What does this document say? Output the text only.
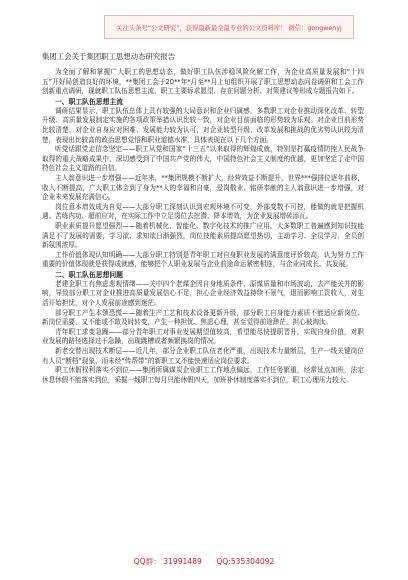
关注头条号“公文研究”，获得最新最全最专业的公文资料库！ 微信：gongwenyj
集团工会关于集团职工思想动态研究报告

为全面了解和掌握广大职工的思想动态，做好职工队伍涉稳风险化解工作，为企业高质量发展和“十四五”开好局创造良好的环境，**集团工会于20**年*月至**月上旬组织开展了职工思想动态问卷调研和工会工作创新重点调研，现就职工队伍思想主流、职工主要诉求愿望、存在问题分析、对策建议等形成专题报告如下。

一、职工队伍思想主流

调研结果显示，职工队伍总体上具有较强的大局意识和企业归属感，多数职工对企业推动深化改革、转型升级、高质量发展制定实施的各项政策举措认识比较一致，对企业目前面临的形势较为乐观。对企业目前形势比较清楚，对企业自身应对困难、发展能力较为认可，对企业转型升级、改革发展和挑战的优劣势认识较为清楚，表现出比较高的政治思想觉悟和职业道德水准，具体表现在以下几个方面。

听党话跟党走信念坚定——职工从党和国家“十三五”以来取得的辉煌成就，特别是打赢疫情防控人民战争取得的重大战略成果中，深切感受到了中国共产党的伟大，中国特色社会主义制度的优越，更加坚定了走中国特色社会主义道路的自信。

主人翁意识进一步增强——近年来，**集团规模不断扩大，经营效益不断提升，世界***强排位逐年前移，收入不断提高，广大职工体会到了身为**人的幸福和自豪，爱岗敬业、铭研奉献的主人翁意识进一步增强，对企业未来发展充满信心。

岗位意本增效成为自觉——大部分职工深刻认识到宏观环境不可变，外部变数不可控，能做的就是把握机遇、苦练内功、超前应对，在实际工作中立足岗位去挖潜、降本增效，为企业发展增砖添瓦。

职业素质提升愿望强烈——随着机械化、智能化、数字化技术的推广应用，大多数职工普遍感到知识技能满足不了发展的需要，学习欲、求知欲日渐强烈，岗位技能素质提高愿望热切，主动学习、全员学习、全员创新氛围浓厚。

工作价值体现认知明确——大部分职工特别是青年职工对自身职业发展的满意度评价较高，认为努力工作重要的价值体现就是获得成就感，能够把个人职业发展与企业前途命运紧密相连，与企业同成长、共发展。

二、职工队伍思想问题

老建企职工有焦虑悲观情绪——关中四个老煤企因自身地质条件、原煤质量和市场波动，去产能关并的影响，导致部分职工对企业推进高质量发展信心不足，担心企业经济效益持续不景气，退而影响工资收入，对生活开始担忧，对个人发展前途感到迷茫。

部分职工产生本领恐慌——随着生产工艺和技术设备更新升级，部分职工自身能力素质不能适应新岗位、新岗位需要，又不能或不敢及时转变，产生一种担忧、焦虑心理，甚至觉得前途渺茫，担心被淘汰。

青年职工求变急躁——部分青年职工对事业发展期望值较高，希望能尽快提职晋升，实现自身价值，对职业发展的路径选择过于急躁，出现跳槽或者频繁换岗的情况。

新老交替出现技术断层——近几年，部分企业职工队伍老化严重，出现技术力量断层，生产一线关键岗位有人员“断档”现象，而未经“传帮带”的新职工又不能快速适应岗位要求。

职工休假权利落实不到位——集团所属煤炭企业职工工作地点偏远，工作任务繁重，经常延点加班，法定休息休假不能落实到位，采掘一线职工每月只能休假四天，加班补休制度落实不到位，职工心理压力较大。

QQ群： 31991489 QQ:535304092
